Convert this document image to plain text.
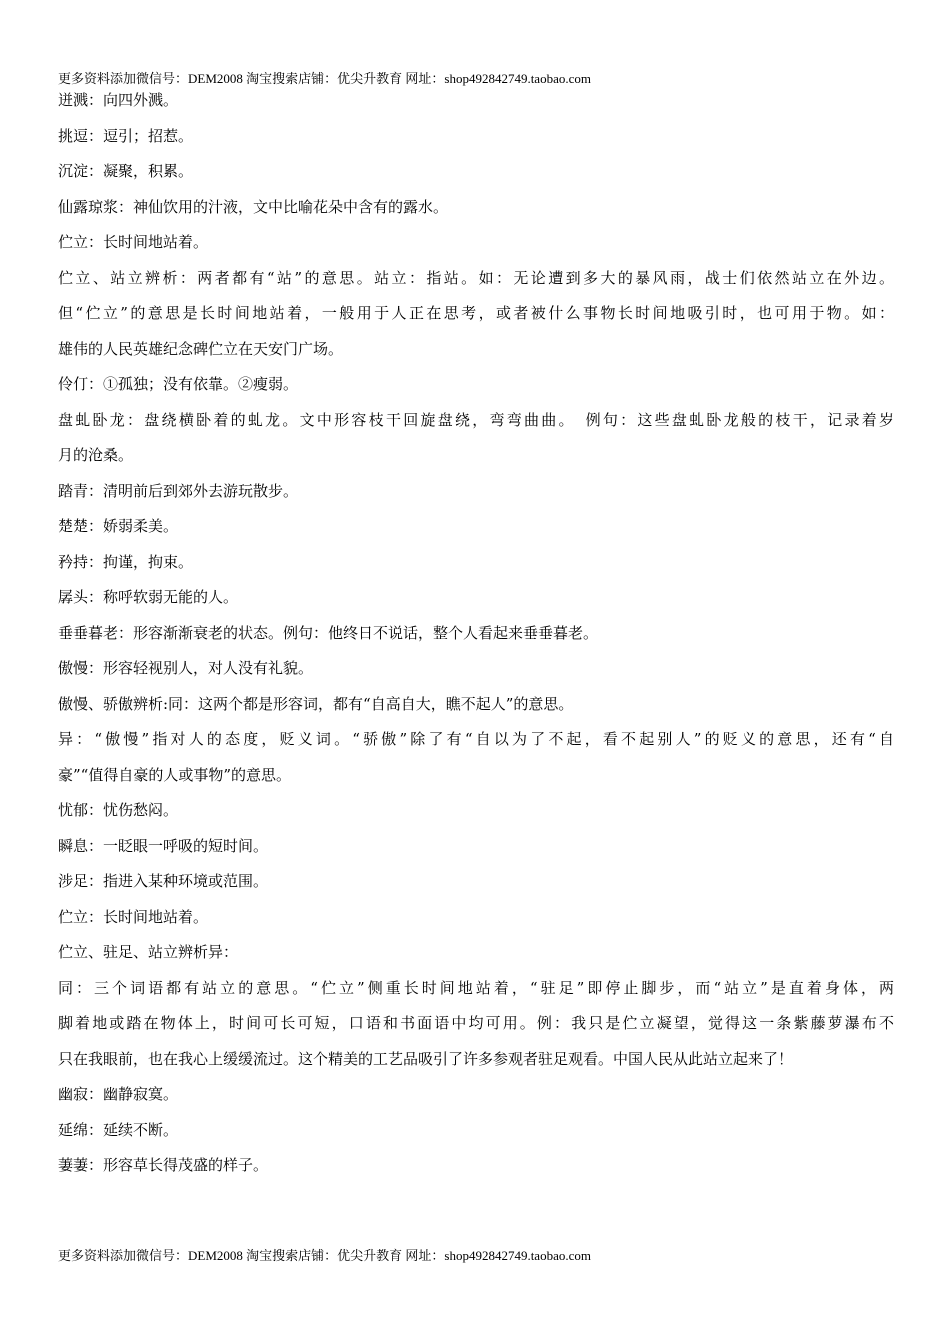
更多资料添加微信号：DEM2008 淘宝搜索店铺：优尖升教育 网址：shop492842749.taobao.com
迸溅：向四外溅。
挑逗：逗引；招惹。
沉淀：凝聚，积累。
仙露琼浆：神仙饮用的汁液，文中比喻花朵中含有的露水。
伫立：长时间地站着。
伫立、站立辨析：两者都有“站”的意思。站立：指站。如：无论遭到多大的暴风雨，战士们依然站立在外边。
但“伫立”的意思是长时间地站着，一般用于人正在思考，或者被什么事物长时间地吸引时，也可用于物。如：
雄伟的人民英雄纪念碑伫立在天安门广场。
伶仃：①孤独；没有依靠。②瘦弱。
盘虬卧龙：盘绕横卧着的虬龙。文中形容枝干回旋盘绕，弯弯曲曲。　例句：这些盘虬卧龙般的枝干，记录着岁
月的沧桑。
踏青：清明前后到郊外去游玩散步。
楚楚：娇弱柔美。
矜持：拘谨，拘束。
孱头：称呼软弱无能的人。
垂垂暮老：形容渐渐衰老的状态。例句：他终日不说话，整个人看起来垂垂暮老。
傲慢：形容轻视别人，对人没有礼貌。
傲慢、骄傲辨析:同：这两个都是形容词，都有“自高自大，瞧不起人”的意思。
异：“傲慢”指对人的态度，贬义词。“骄傲”除了有“自以为了不起，看不起别人”的贬义的意思，还有“自
豪”“值得自豪的人或事物”的意思。
忧郁：忧伤愁闷。
瞬息：一眨眼一呼吸的短时间。
涉足：指进入某种环境或范围。
伫立：长时间地站着。
伫立、驻足、站立辨析异：
同：三个词语都有站立的意思。“伫立”侧重长时间地站着，“驻足”即停止脚步，而“站立”是直着身体，两
脚着地或踏在物体上，时间可长可短，口语和书面语中均可用。例：我只是伫立凝望，觉得这一条紫藤萝瀑布不
只在我眼前，也在我心上缓缓流过。这个精美的工艺品吸引了许多参观者驻足观看。中国人民从此站立起来了！
幽寂：幽静寂寞。
延绵：延续不断。
萋萋：形容草长得茂盛的样子。
更多资料添加微信号：DEM2008 淘宝搜索店铺：优尖升教育 网址：shop492842749.taobao.com
